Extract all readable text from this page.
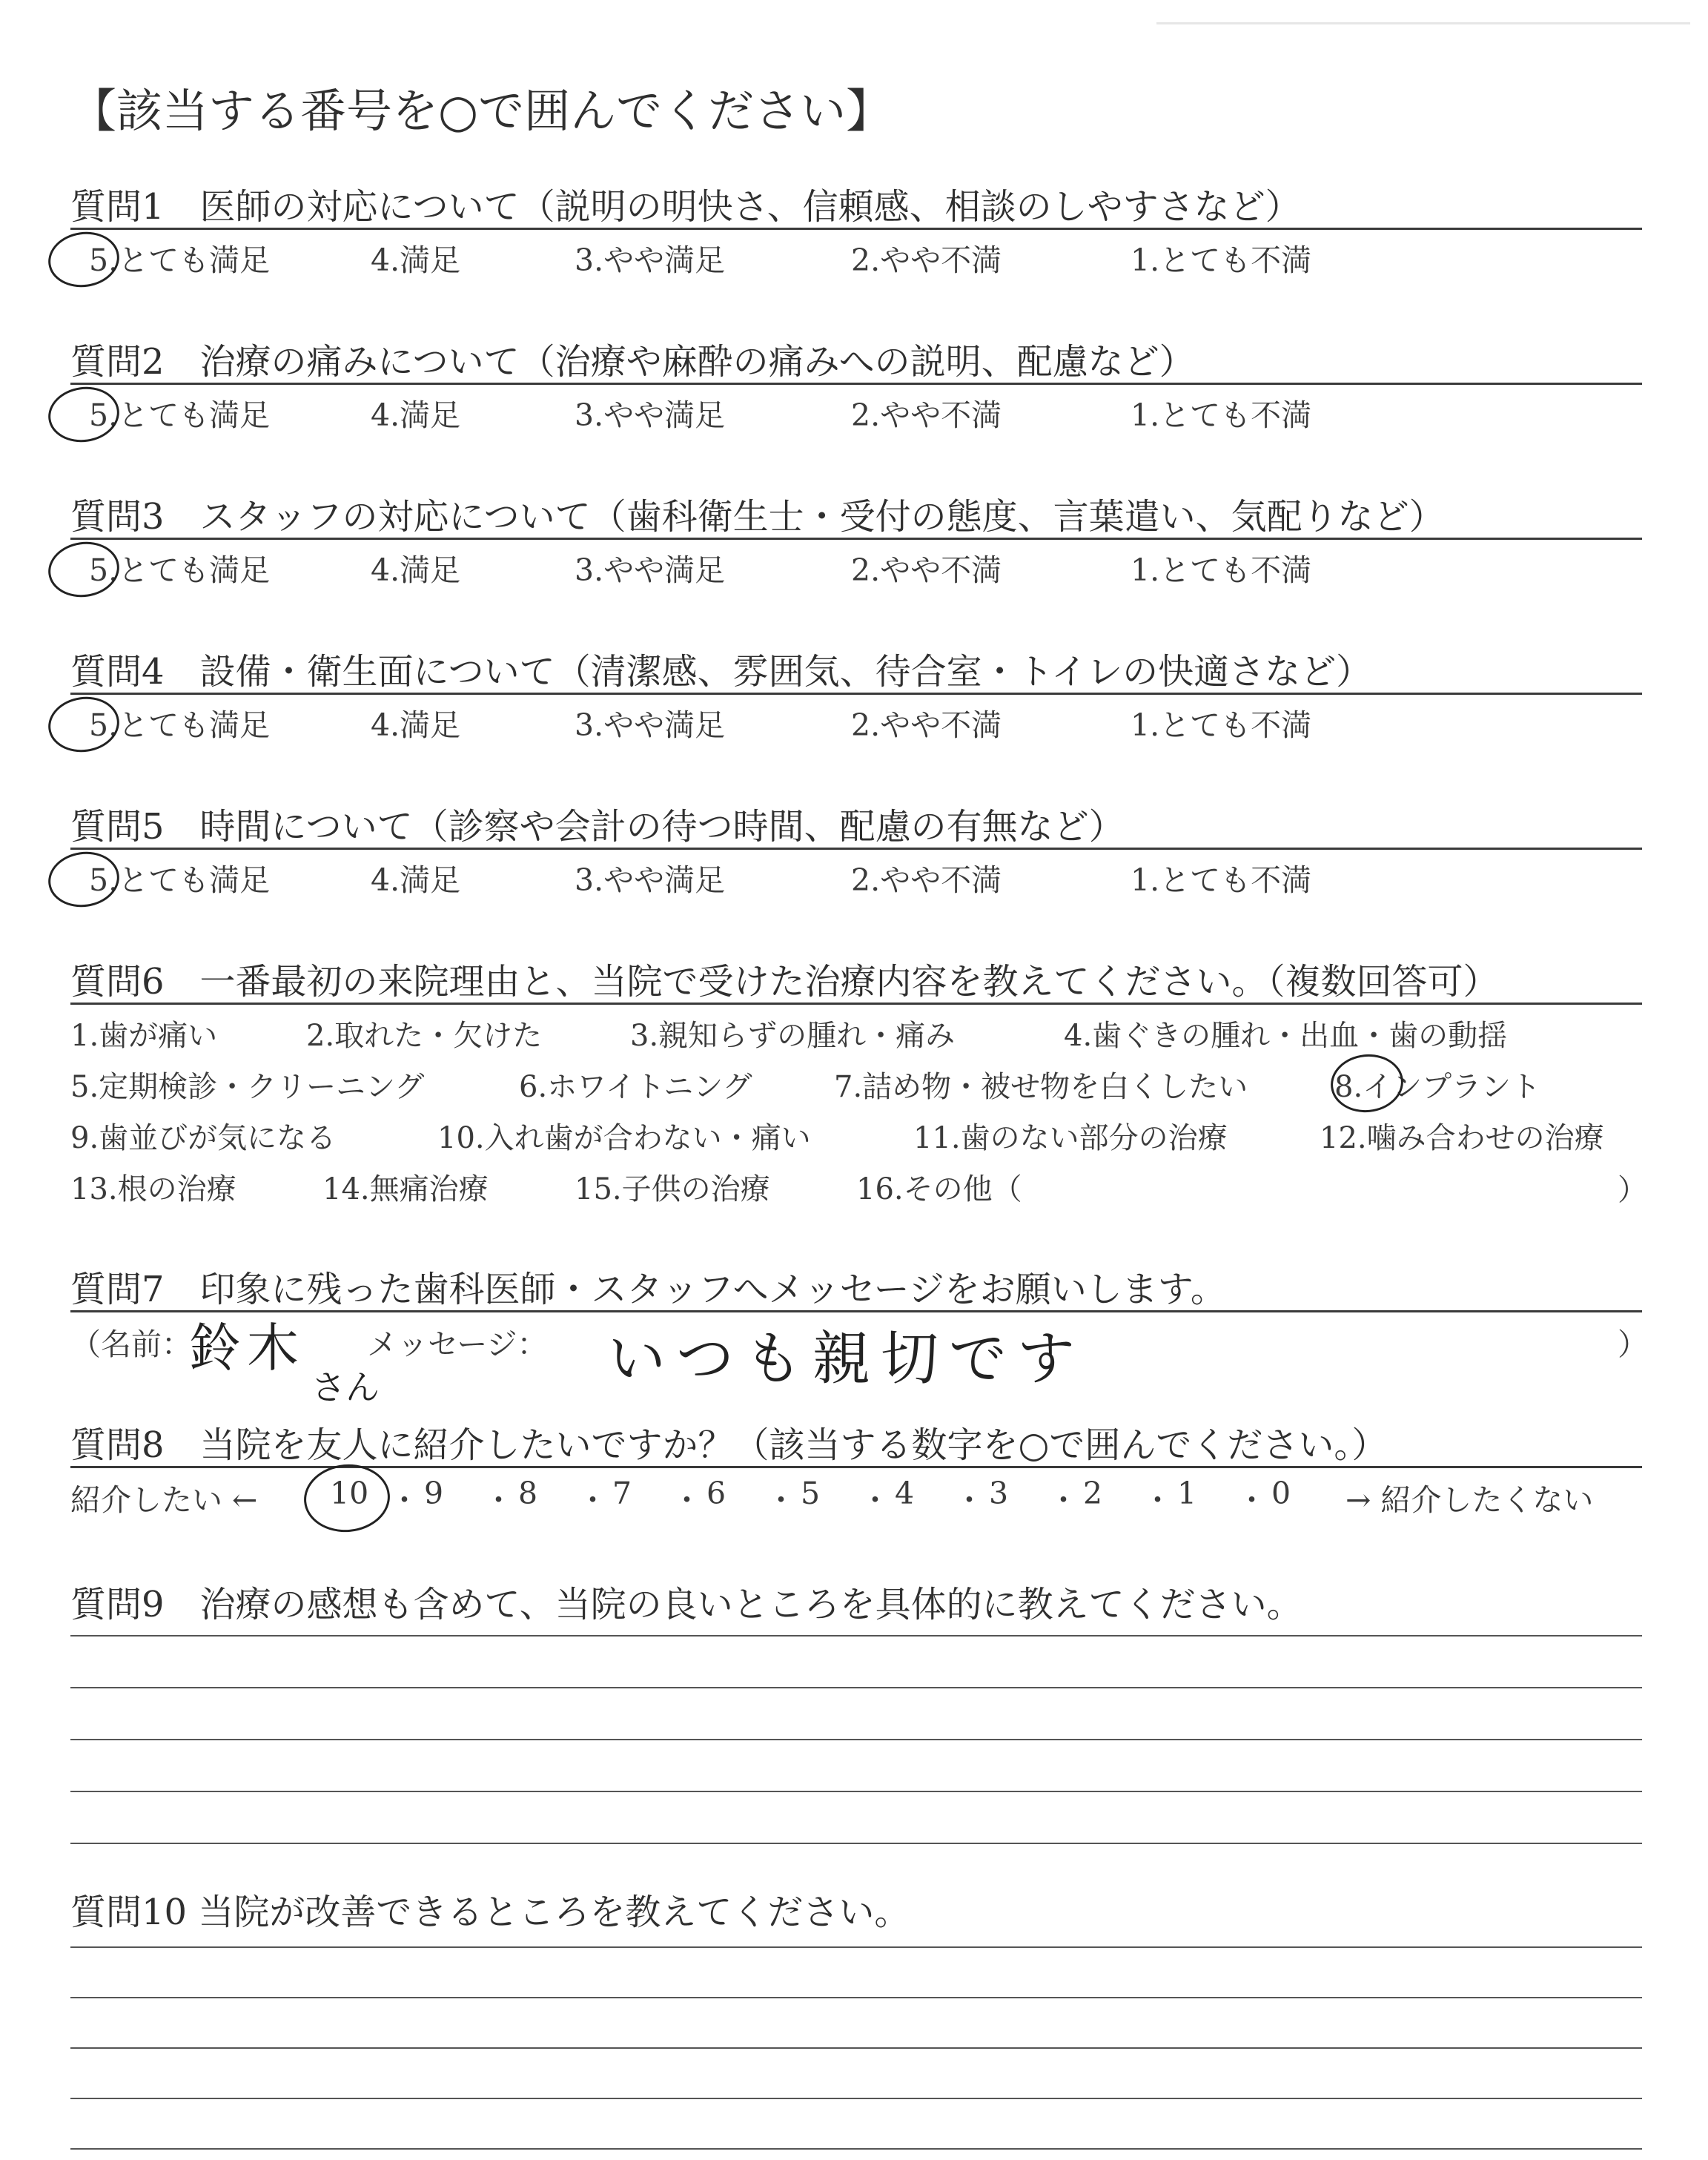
【該当する番号を○で囲んでください】
質問1　医師の対応について（説明の明快さ、信頼感、相談のしやすさなど）
5.とても満足	4.満足	3.やや満足	2.やや不満	1.とても不満
質問2　治療の痛みについて（治療や麻酔の痛みへの説明、配慮など）
5.とても満足	4.満足	3.やや満足	2.やや不満	1.とても不満
質問3　スタッフの対応について（歯科衛生士・受付の態度、言葉遣い、気配りなど）
5.とても満足	4.満足	3.やや満足	2.やや不満	1.とても不満
質問4　設備・衛生面について（清潔感、雰囲気、待合室・トイレの快適さなど）
5.とても満足	4.満足	3.やや満足	2.やや不満	1.とても不満
質問5　時間について（診察や会計の待つ時間、配慮の有無など）
5.とても満足	4.満足	3.やや満足	2.やや不満	1.とても不満
質問6　一番最初の来院理由と、当院で受けた治療内容を教えてください。（複数回答可）
1.歯が痛い	2.取れた・欠けた	3.親知らずの腫れ・痛み	4.歯ぐきの腫れ・出血・歯の動揺
5.定期検診・クリーニング	6.ホワイトニング	7.詰め物・被せ物を白くしたい	8.インプラント
9.歯並びが気になる	10.入れ歯が合わない・痛い	11.歯のない部分の治療	12.噛み合わせの治療
13.根の治療	14.無痛治療	15.子供の治療	16.その他（	）
質問7　印象に残った歯科医師・スタッフへメッセージをお願いします。
（名前：
鈴木
さん
メッセージ： いつも親切です	）
質問8　当院を友人に紹介したいですか？（該当する数字を○で囲んでください。）
紹介したい ← 10 ・ 9 ・ 8 ・ 7 ・ 6 ・ 5 ・ 4 ・ 3 ・ 2 ・ 1 ・ 0 → 紹介したくない
質問9　治療の感想も含めて、当院の良いところを具体的に教えてください。
質問10 当院が改善できるところを教えてください。
